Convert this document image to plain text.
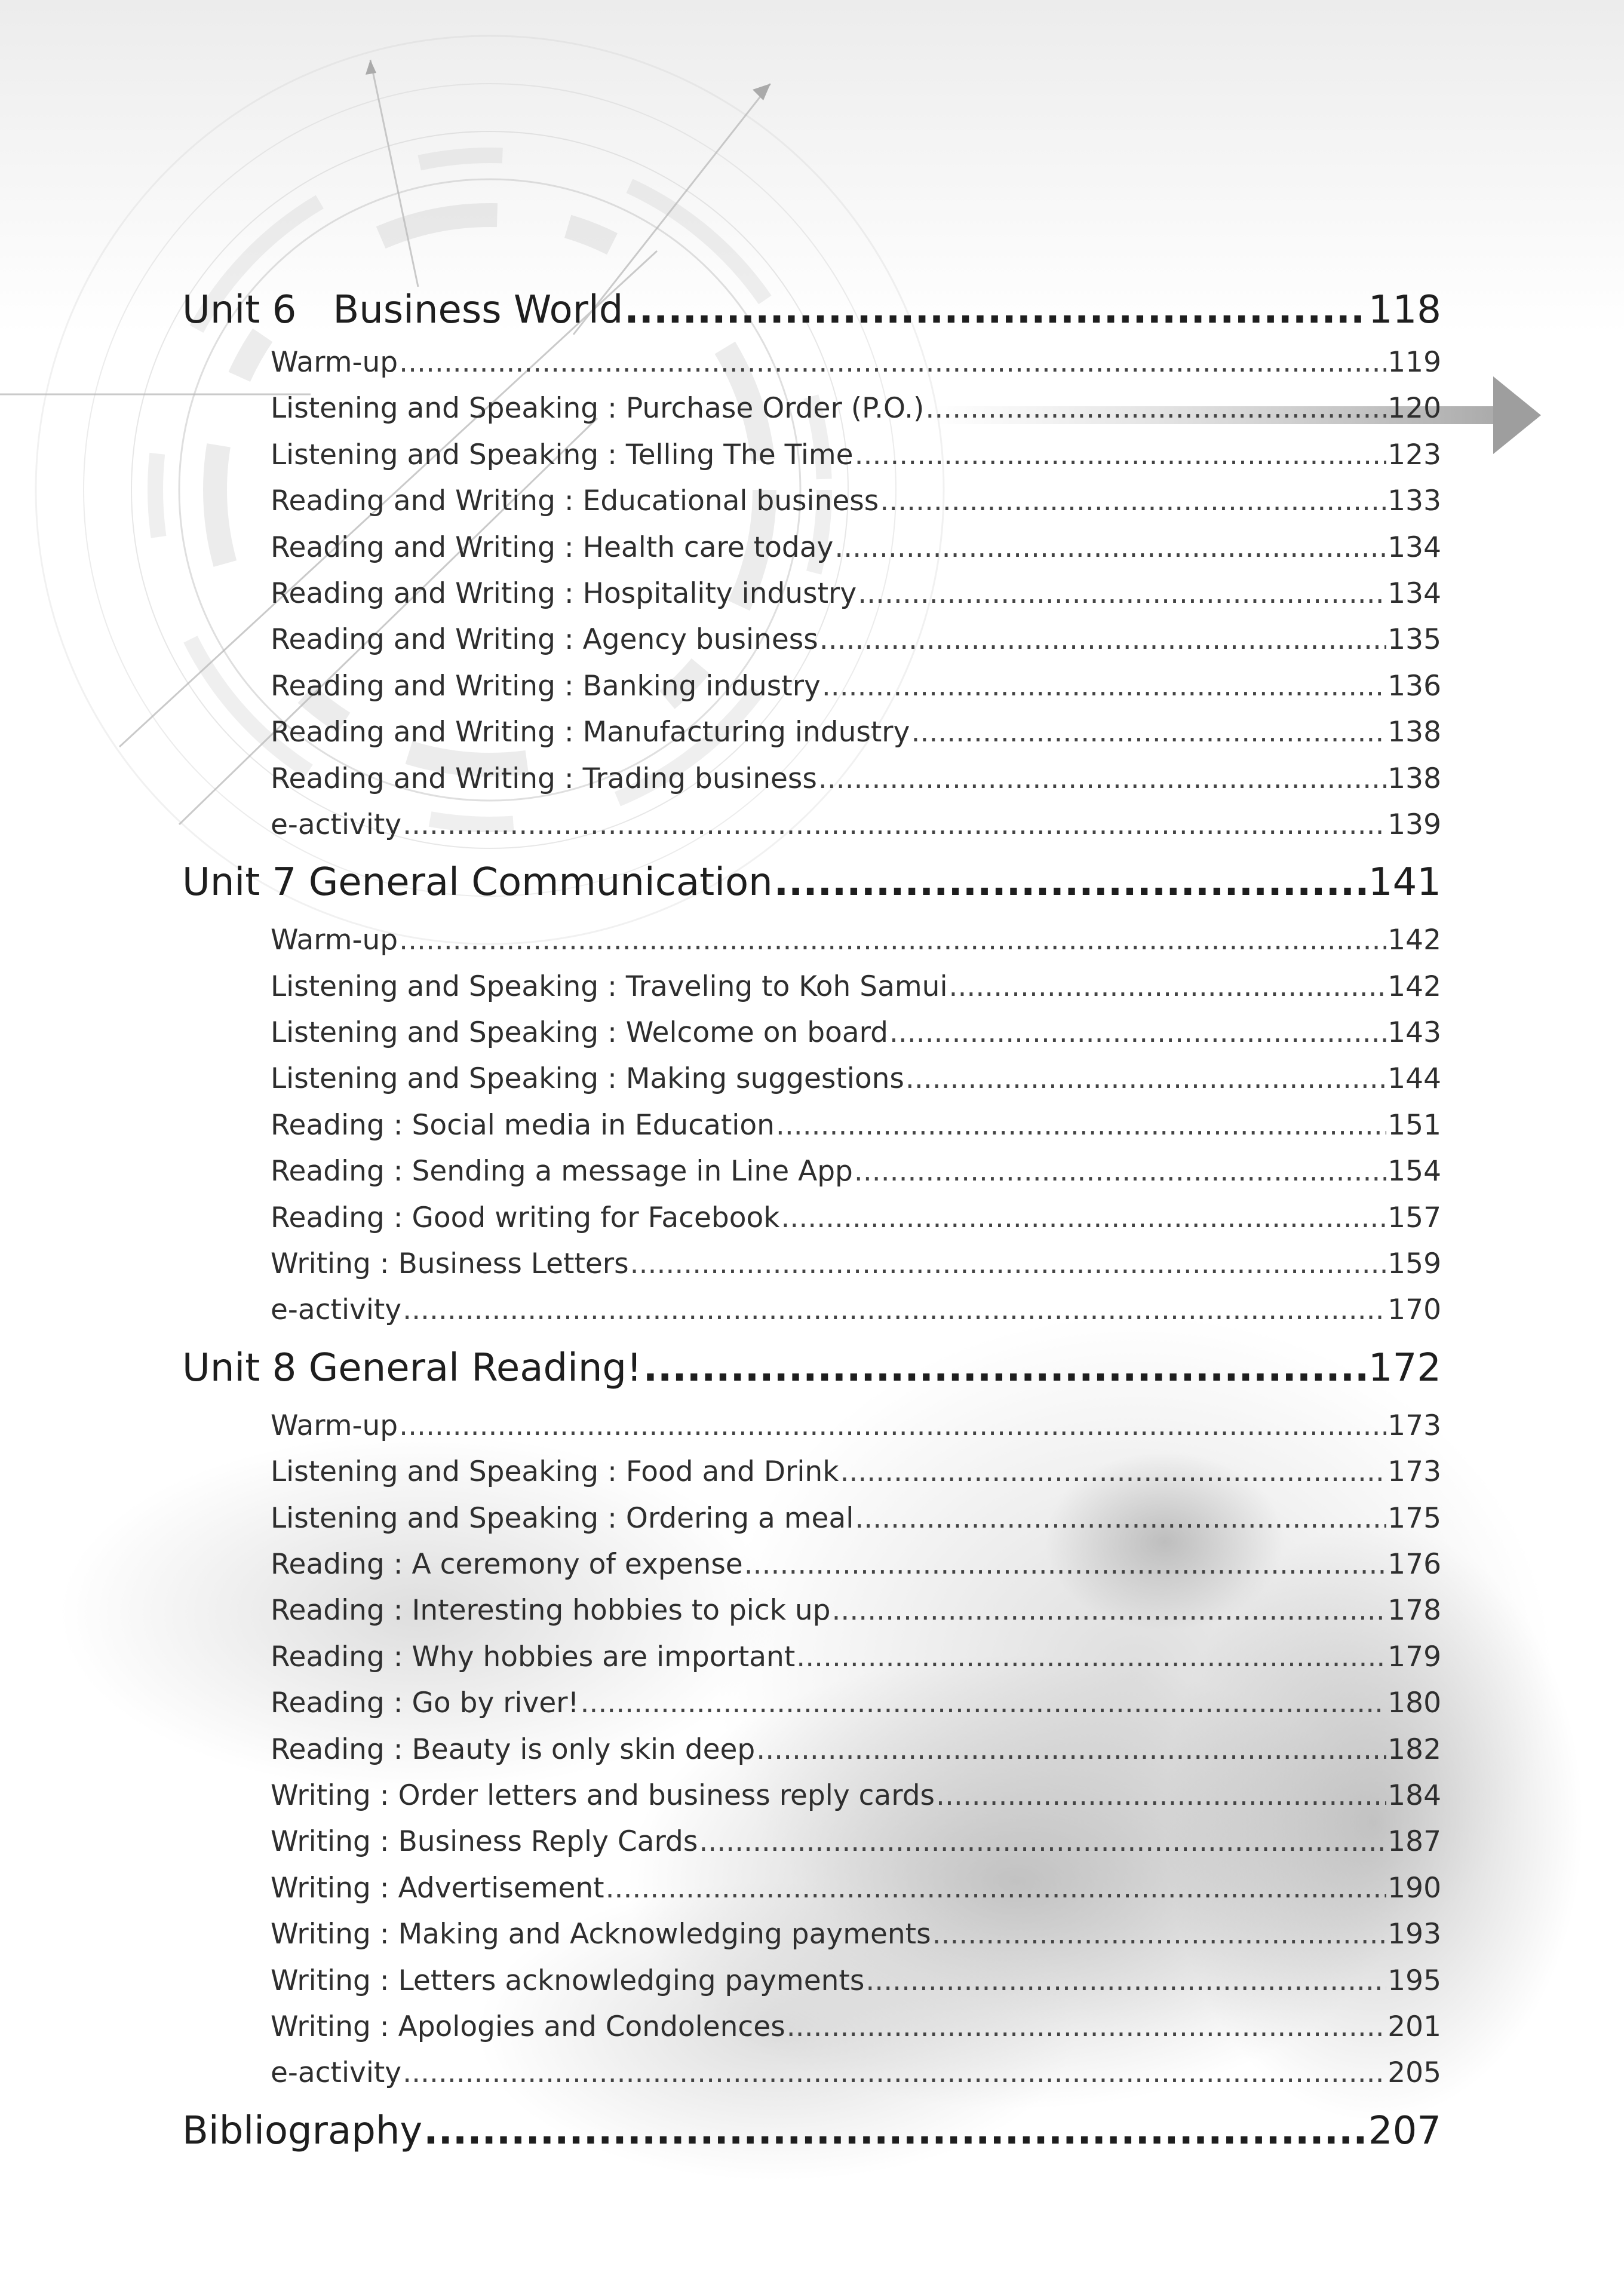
Unit 6   Business World .....	118
Warm-up .....	119
Listening and Speaking : Purchase Order (P.O.) .....	120
Listening and Speaking : Telling The Time .....	123
Reading and Writing : Educational business .....	133
Reading and Writing : Health care today .....	134
Reading and Writing : Hospitality industry .....	134
Reading and Writing : Agency business .....	135
Reading and Writing : Banking industry .....	136
Reading and Writing : Manufacturing industry .....	138
Reading and Writing : Trading business .....	138
e-activity .....	139
Unit 7 General Communication .....	141
Warm-up .....	142
Listening and Speaking : Traveling to Koh Samui .....	142
Listening and Speaking : Welcome on board .....	143
Listening and Speaking : Making suggestions .....	144
Reading : Social media in Education .....	151
Reading : Sending a message in Line App .....	154
Reading : Good writing for Facebook .....	157
Writing : Business Letters .....	159
e-activity .....	170
Unit 8 General Reading! .....	172
Warm-up .....	173
Listening and Speaking : Food and Drink .....	173
Listening and Speaking : Ordering a meal .....	175
Reading : A ceremony of expense .....	176
Reading : Interesting hobbies to pick up .....	178
Reading : Why hobbies are important .....	179
Reading : Go by river! .....	180
Reading : Beauty is only skin deep .....	182
Writing : Order letters and business reply cards .....	184
Writing : Business Reply Cards .....	187
Writing : Advertisement .....	190
Writing : Making and Acknowledging payments .....	193
Writing : Letters acknowledging payments .....	195
Writing : Apologies and Condolences .....	201
e-activity .....	205
Bibliography .....	207
